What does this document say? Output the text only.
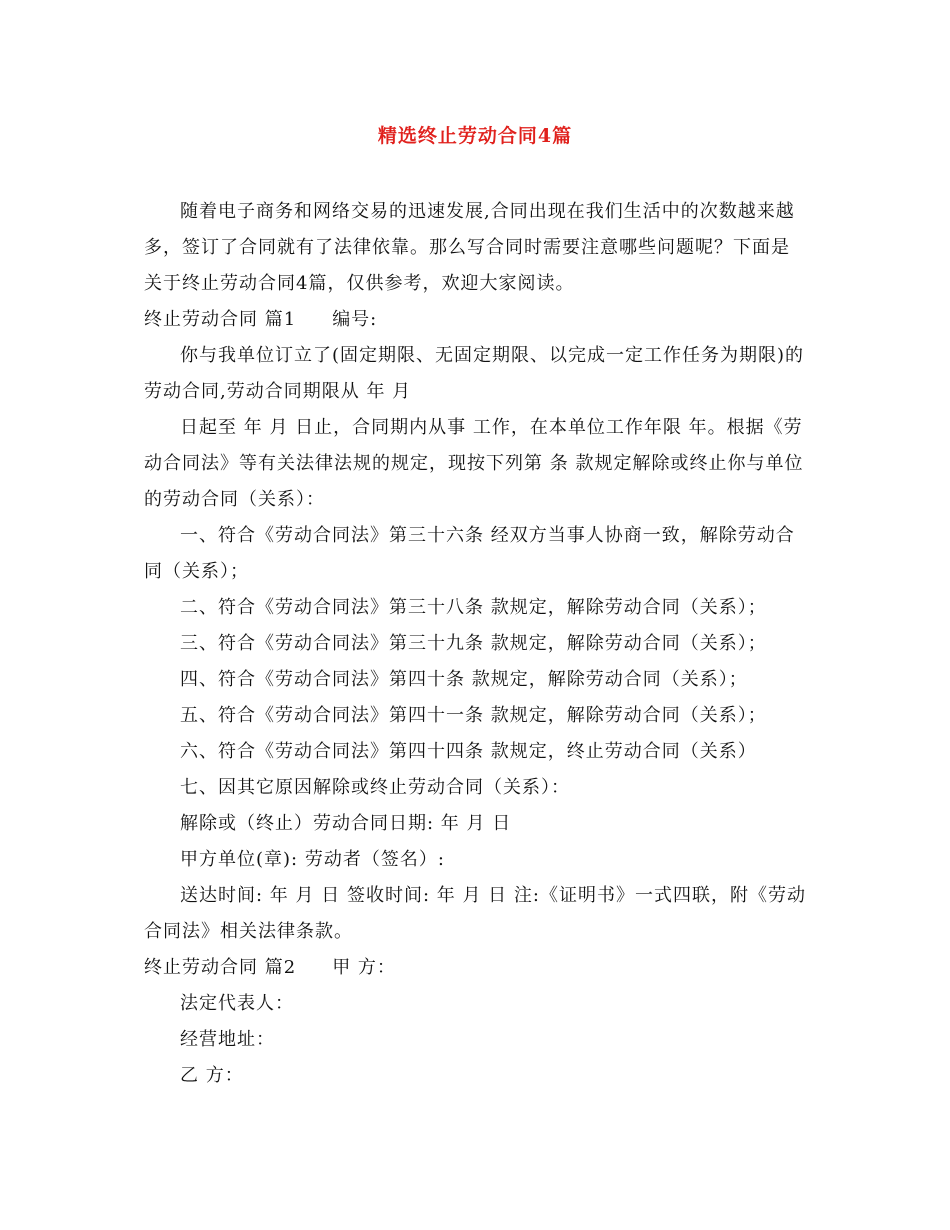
精选终止劳动合同4篇

随着电子商务和网络交易的迅速发展,合同出现在我们生活中的次数越来越多，签订了合同就有了法律依靠。那么写合同时需要注意哪些问题呢？下面是关于终止劳动合同4篇，仅供参考，欢迎大家阅读。

终止劳动合同 篇1 编号:

你与我单位订立了(固定期限、无固定期限、以完成一定工作任务为期限)的劳动合同,劳动合同期限从 年 月

日起至 年 月 日止，合同期内从事 工作，在本单位工作年限 年。根据《劳动合同法》等有关法律法规的规定，现按下列第 条 款规定解除或终止你与单位的劳动合同（关系）：

一、符合《劳动合同法》第三十六条 经双方当事人协商一致，解除劳动合同（关系）；

二、符合《劳动合同法》第三十八条 款规定，解除劳动合同（关系）；

三、符合《劳动合同法》第三十九条 款规定，解除劳动合同（关系）；

四、符合《劳动合同法》第四十条 款规定，解除劳动合同（关系）；

五、符合《劳动合同法》第四十一条 款规定，解除劳动合同（关系）；

六、符合《劳动合同法》第四十四条 款规定，终止劳动合同（关系）

七、因其它原因解除或终止劳动合同（关系）：

解除或（终止）劳动合同日期: 年 月 日

甲方单位(章): 劳动者（签名）:

送达时间: 年 月 日 签收时间: 年 月 日 注:《证明书》一式四联，附《劳动合同法》相关法律条款。

终止劳动合同 篇2 甲 方：

法定代表人：

经营地址：

乙 方：
